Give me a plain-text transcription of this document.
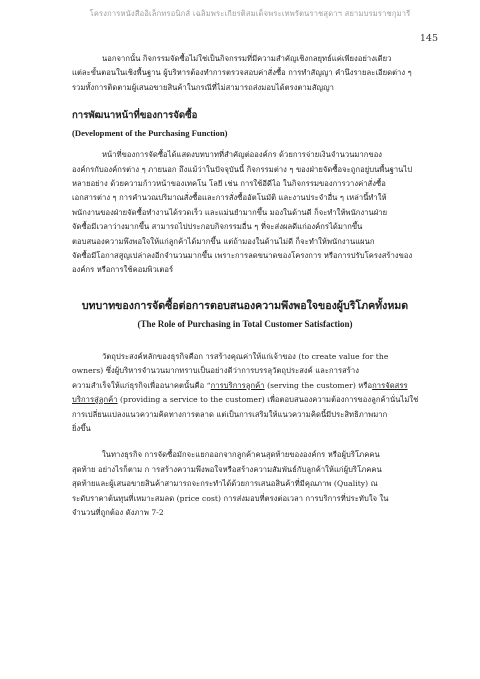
โครงการหนังสืออิเล็กทรอนิกส์ เฉลิมพระเกียรติสมเด็จพระเทพรัตนราชสุดาฯ สยามบรมราชกุมารี
145

นอกจากนั้น กิจกรรมจัดซื้อไม่ใช่เป็นกิจกรรมที่มีความสำคัญเชิงกลยุทธ์แค่เพียงอย่างเดียว

แต่ละขั้นตอนในเชิงพื้นฐาน ผู้บริหารต้องทำการตรวจสอบค่าสั่งซื้อ การทำสัญญา คำนึงรายละเอียดต่าง ๆ

รวมทั้งการติดตามผู้เสนอขายสินค้าในกรณีที่ไม่สามารถส่งมอบได้ตรงตามสัญญา

การพัฒนาหน้าที่ของการจัดซื้อ
(Development of the Purchasing Function)

หน้าที่ของการจัดซื้อได้แสดงบทบาทที่สำคัญต่อองค์กร ด้วยการจ่ายเงินจำนวนมากของ

องค์กรกับองค์กรต่าง ๆ ภายนอก ถึงแม้ว่าในปัจจุบันนี้ กิจกรรมต่าง ๆ ของฝ่ายจัดซื้อจะถูกอยู่บนพื้นฐานไป

หลายอย่าง ด้วยความก้าวหน้าของเทคโน โลยี เช่น การใช้อีดีไอ ในกิจกรรมของการวางค่าสั่งซื้อ

เอกสารต่าง ๆ การคำนวณปริมาณสั่งซื้อและการสั่งซื้ออัตโนมัติ และงานประจำอื่น ๆ เหล่านี้ทำให้

พนักงานของฝ่ายจัดซื้อทำงานได้รวดเร็ว และแม่นยำมากขึ้น มองในด้านดี ก็จะทำให้พนักงานฝ่าย

จัดซื้อมีเวลาว่างมากขึ้น สามารถไปประกอบกิจกรรมอื่น ๆ ที่จะส่งผลดีแก่องค์กรได้มากขึ้น

ตอบสนองความพึงพอใจให้แก่ลูกค้าได้มากขึ้น แต่ถ้ามองในด้านไม่ดี ก็จะทำให้พนักงานแผนก

จัดซื้อมีโอกาสสูญเปล่าลงอีกจำนวนมากขึ้น เพราะการลดขนาดของโครงการ หรือการปรับโครงสร้างของ

องค์กร หรือการใช้คอมพิวเตอร์

บทบาทของการจัดซื้อต่อการตอบสนองความพึงพอใจของผู้บริโภคทั้งหมด
(The Role of Purchasing in Total Customer Satisfaction)

วัตถุประสงค์หลักของธุรกิจคือก ารสร้างคุณค่าให้แก่เจ้าของ (to create value for the

owners) ซึ่งผู้บริหารจำนวนมากทราบเป็นอย่างดีว่าการบรรลุวัตถุประสงค์ และการสร้าง

ความสำเร็จให้แก่ธุรกิจเพื่ออนาคตนั้นคือ “การบริการลูกค้า (serving the customer) หรือการจัดสรร

บริการสู่ลูกค้า (providing a service to the customer) เพื่อตอบสนองความต้องการของลูกค้านั่นไม่ใช่

การเปลี่ยนแปลงแนวความคิดทางการตลาด แต่เป็นการเสริมให้แนวความคิดนี้มีประสิทธิภาพมาก

ยิ่งขึ้น

ในทางธุรกิจ การจัดซื้อมักจะแยกออกจากลูกค้าคนสุดท้ายขององค์กร หรือผู้บริโภคคน

สุดท้าย อย่างไรก็ตาม ก ารสร้างความพึงพอใจหรือสร้างความสัมพันธ์กับลูกค้าให้แก่ผู้บริโภคคน

สุดท้ายและผู้เสนอขายสินค้าสามารถจะกระทำได้ด้วยการเสนอสินค้าที่มีคุณภาพ (Quality) ณ

ระดับราคาต้นทุนที่เหมาะสมลด (price cost) การส่งมอบที่ตรงต่อเวลา การบริการที่ประทับใจ ใน

จำนวนที่ถูกต้อง ดังภาพ 7-2
